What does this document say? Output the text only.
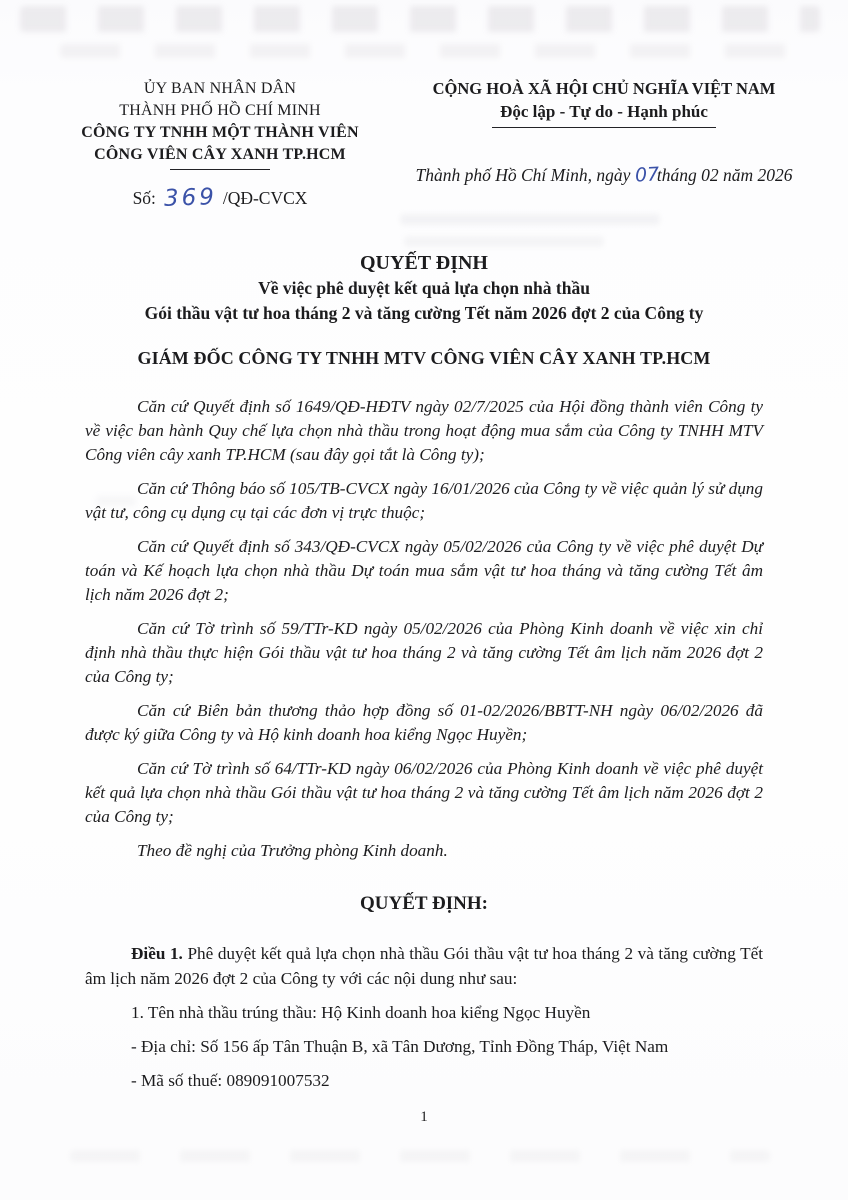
ỦY BAN NHÂN DÂN
THÀNH PHỐ HỒ CHÍ MINH
CÔNG TY TNHH MỘT THÀNH VIÊN
CÔNG VIÊN CÂY XANH TP.HCM
Số: 369 /QĐ-CVCX
CỘNG HOÀ XÃ HỘI CHỦ NGHĨA VIỆT NAM
Độc lập - Tự do - Hạnh phúc
Thành phố Hồ Chí Minh, ngày 07tháng 02 năm 2026
QUYẾT ĐỊNH
Về việc phê duyệt kết quả lựa chọn nhà thầu
Gói thầu vật tư hoa tháng 2 và tăng cường Tết năm 2026 đợt 2 của Công ty
GIÁM ĐỐC CÔNG TY TNHH MTV CÔNG VIÊN CÂY XANH TP.HCM

Căn cứ Quyết định số 1649/QĐ-HĐTV ngày 02/7/2025 của Hội đồng thành viên Công ty về việc ban hành Quy chế lựa chọn nhà thầu trong hoạt động mua sắm của Công ty TNHH MTV Công viên cây xanh TP.HCM (sau đây gọi tắt là Công ty);

Căn cứ Thông báo số 105/TB-CVCX ngày 16/01/2026 của Công ty về việc quản lý sử dụng vật tư, công cụ dụng cụ tại các đơn vị trực thuộc;

Căn cứ Quyết định số 343/QĐ-CVCX ngày 05/02/2026 của Công ty về việc phê duyệt Dự toán và Kế hoạch lựa chọn nhà thầu Dự toán mua sắm vật tư hoa tháng và tăng cường Tết âm lịch năm 2026 đợt 2;

Căn cứ Tờ trình số 59/TTr-KD ngày 05/02/2026 của Phòng Kinh doanh về việc xin chỉ định nhà thầu thực hiện Gói thầu vật tư hoa tháng 2 và tăng cường Tết âm lịch năm 2026 đợt 2 của Công ty;

Căn cứ Biên bản thương thảo hợp đồng số 01-02/2026/BBTT-NH ngày 06/02/2026 đã được ký giữa Công ty và Hộ kinh doanh hoa kiểng Ngọc Huyền;

Căn cứ Tờ trình số 64/TTr-KD ngày 06/02/2026 của Phòng Kinh doanh về việc phê duyệt kết quả lựa chọn nhà thầu Gói thầu vật tư hoa tháng 2 và tăng cường Tết âm lịch năm 2026 đợt 2 của Công ty;

Theo đề nghị của Trưởng phòng Kinh doanh.

QUYẾT ĐỊNH:

Điều 1. Phê duyệt kết quả lựa chọn nhà thầu Gói thầu vật tư hoa tháng 2 và tăng cường Tết âm lịch năm 2026 đợt 2 của Công ty với các nội dung như sau:

1. Tên nhà thầu trúng thầu: Hộ Kinh doanh hoa kiểng Ngọc Huyền
- Địa chỉ: Số 156 ấp Tân Thuận B, xã Tân Dương, Tỉnh Đồng Tháp, Việt Nam
- Mã số thuế: 089091007532
1
